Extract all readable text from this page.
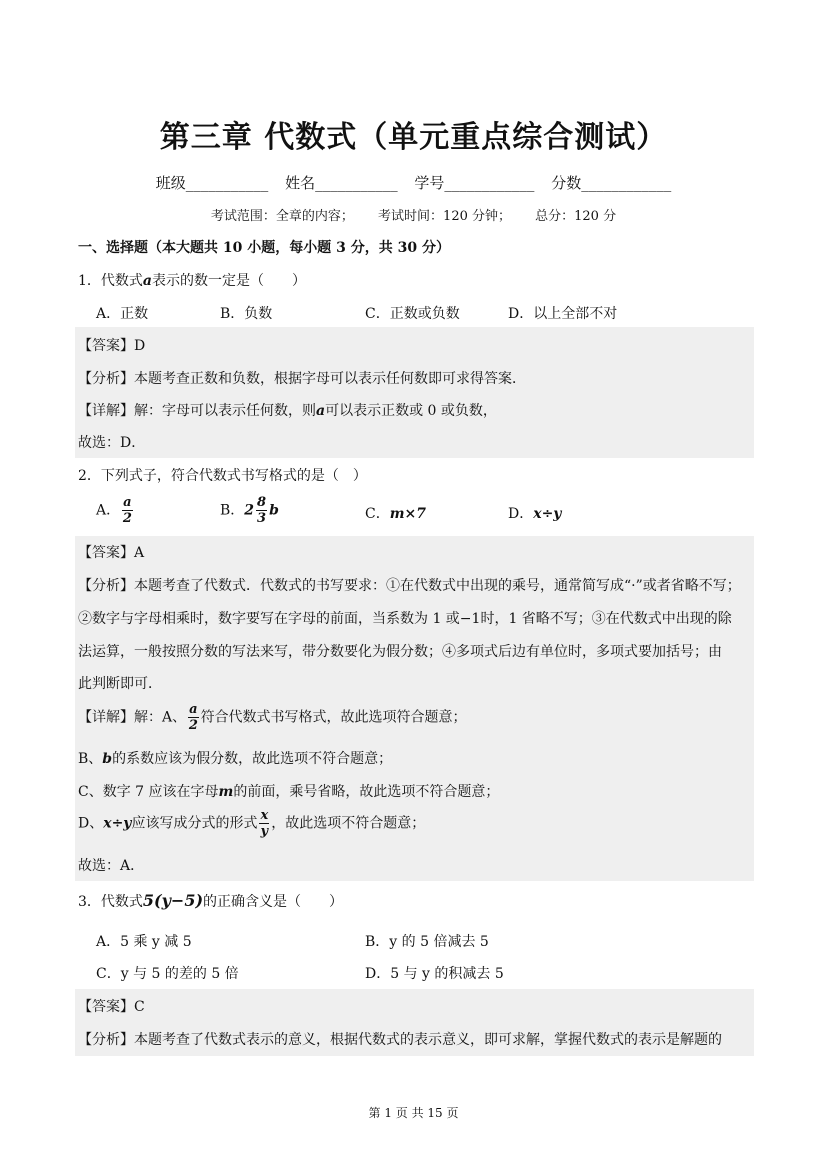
第三章 代数式（单元重点综合测试）
班级___________ 姓名___________ 学号____________ 分数____________
考试范围：全章的内容； 考试时间：120 分钟； 总分：120 分
一、选择题（本大题共 10 小题，每小题 3 分，共 30 分）
1．代数式a表示的数一定是（　　）
A．正数	B．负数	C．正数或负数	D．以上全部不对
【答案】D
【分析】本题考查正数和负数，根据字母可以表示任何数即可求得答案．
【详解】解：字母可以表示任何数，则a可以表示正数或 0 或负数，
故选：D．
2．下列式子，符合代数式书写格式的是（　）
A． $\frac{a}{2}$	B．$2 \frac{8}{3}$ b	C．m×7	D．x÷y
【答案】A
【分析】本题考查了代数式．代数式的书写要求：①在代数式中出现的乘号，通常简写成“·”或者省略不写；
②数字与字母相乘时，数字要写在字母的前面，当系数为 1 或−1时，1 省略不写；③在代数式中出现的除
法运算，一般按照分数的写法来写，带分数要化为假分数；④多项式后边有单位时，多项式要加括号；由
此判断即可．
【详解】解：A、 $\frac{a}{2}$ 符合代数式书写格式，故此选项符合题意；
B、b的系数应该为假分数，故此选项不符合题意；
C、数字 7 应该在字母m的前面，乘号省略，故此选项不符合题意；
D、x÷y应该写成分式的形式 $\frac{x}{y}$ ，故此选项不符合题意；
故选：A．
3．代数式5(y−5)的正确含义是（　　）
A．5 乘 y 减 5	B．y 的 5 倍减去 5
C．y 与 5 的差的 5 倍	D．5 与 y 的积减去 5
【答案】C
【分析】本题考查了代数式表示的意义，根据代数式的表示意义，即可求解，掌握代数式的表示是解题的
第 1 页 共 15 页
